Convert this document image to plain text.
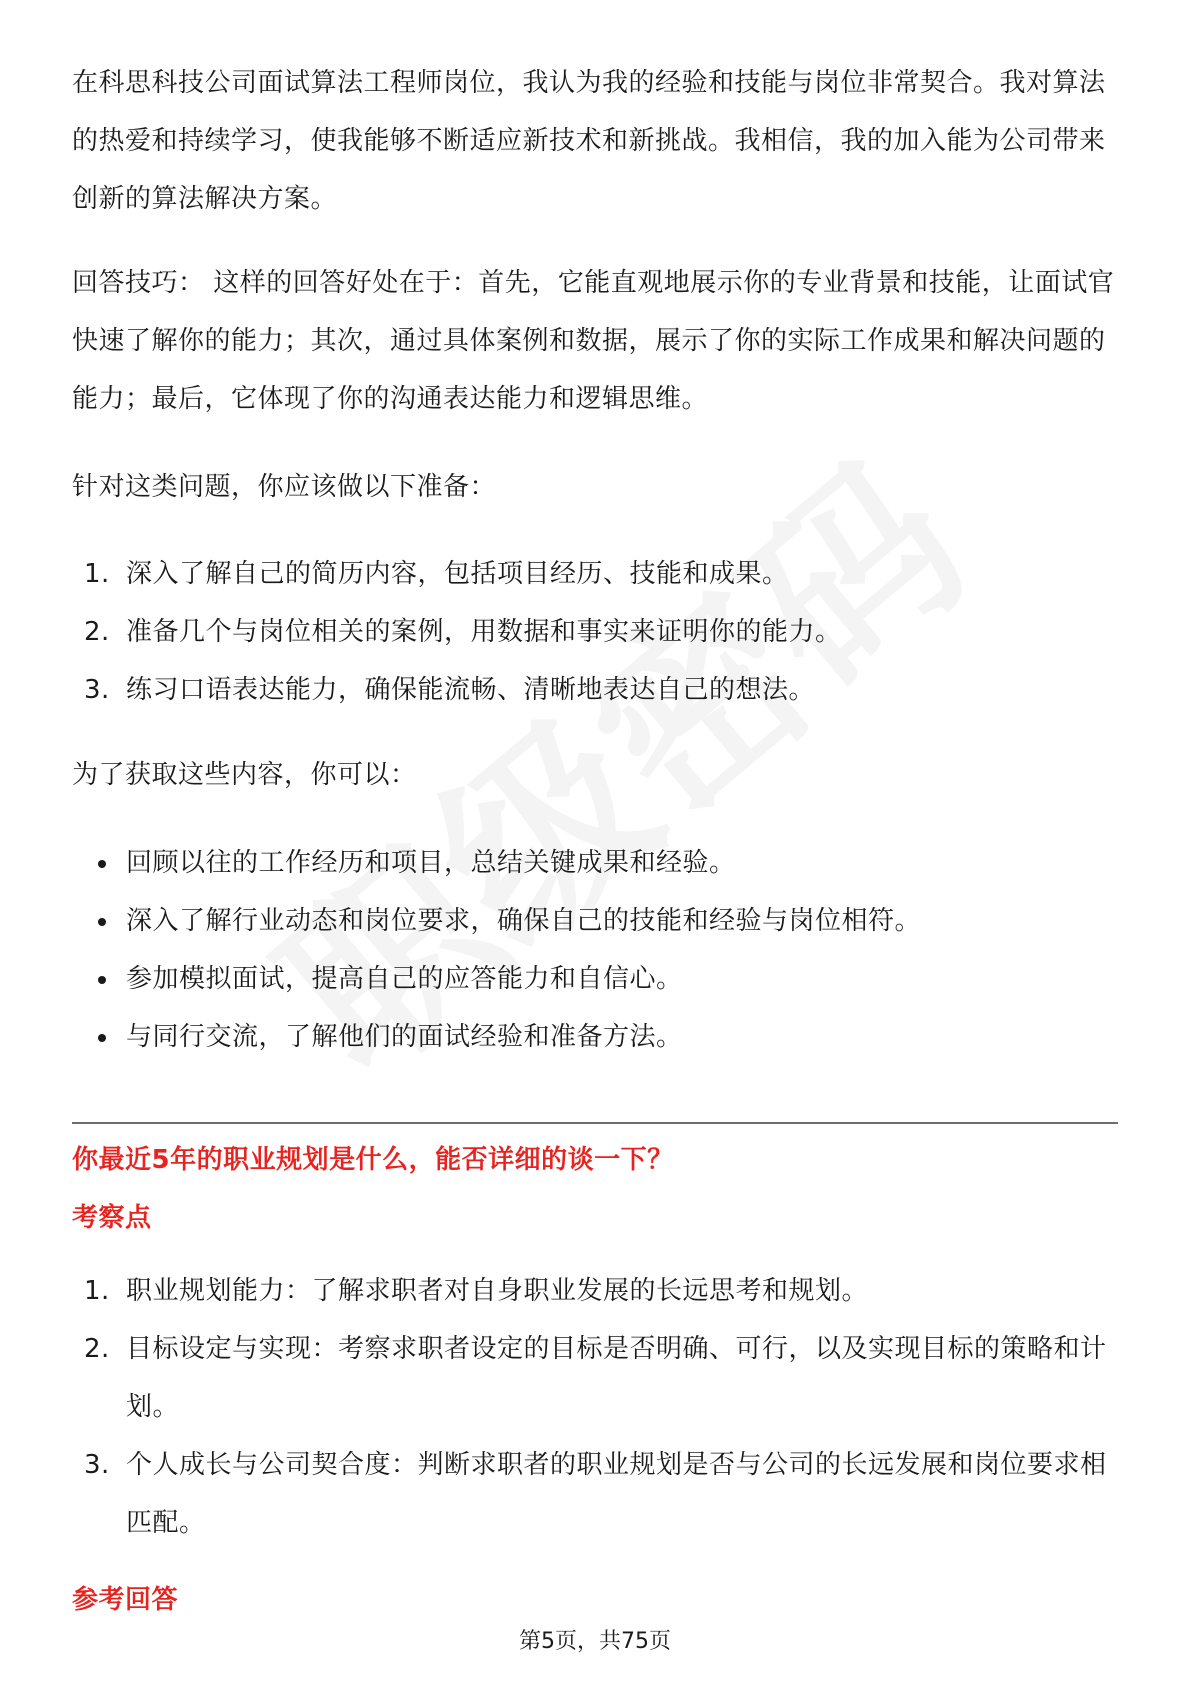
在科思科技公司面试算法工程师岗位，我认为我的经验和技能与岗位非常契合。我对算法的热爱和持续学习，使我能够不断适应新技术和新挑战。我相信，我的加入能为公司带来创新的算法解决方案。

回答技巧： 这样的回答好处在于：首先，它能直观地展示你的专业背景和技能，让面试官快速了解你的能力；其次，通过具体案例和数据，展示了你的实际工作成果和解决问题的能力；最后，它体现了你的沟通表达能力和逻辑思维。

针对这类问题，你应该做以下准备：

1. 深入了解自己的简历内容，包括项目经历、技能和成果。
2. 准备几个与岗位相关的案例，用数据和事实来证明你的能力。
3. 练习口语表达能力，确保能流畅、清晰地表达自己的想法。

为了获取这些内容，你可以：

回顾以往的工作经历和项目，总结关键成果和经验。
深入了解行业动态和岗位要求，确保自己的技能和经验与岗位相符。
参加模拟面试，提高自己的应答能力和自信心。
与同行交流，了解他们的面试经验和准备方法。
你最近5年的职业规划是什么，能否详细的谈一下？
考察点
1. 职业规划能力：了解求职者对自身职业发展的长远思考和规划。
2. 目标设定与实现：考察求职者设定的目标是否明确、可行，以及实现目标的策略和计划。
3. 个人成长与公司契合度：判断求职者的职业规划是否与公司的长远发展和岗位要求相匹配。
参考回答
第5页，共75页
